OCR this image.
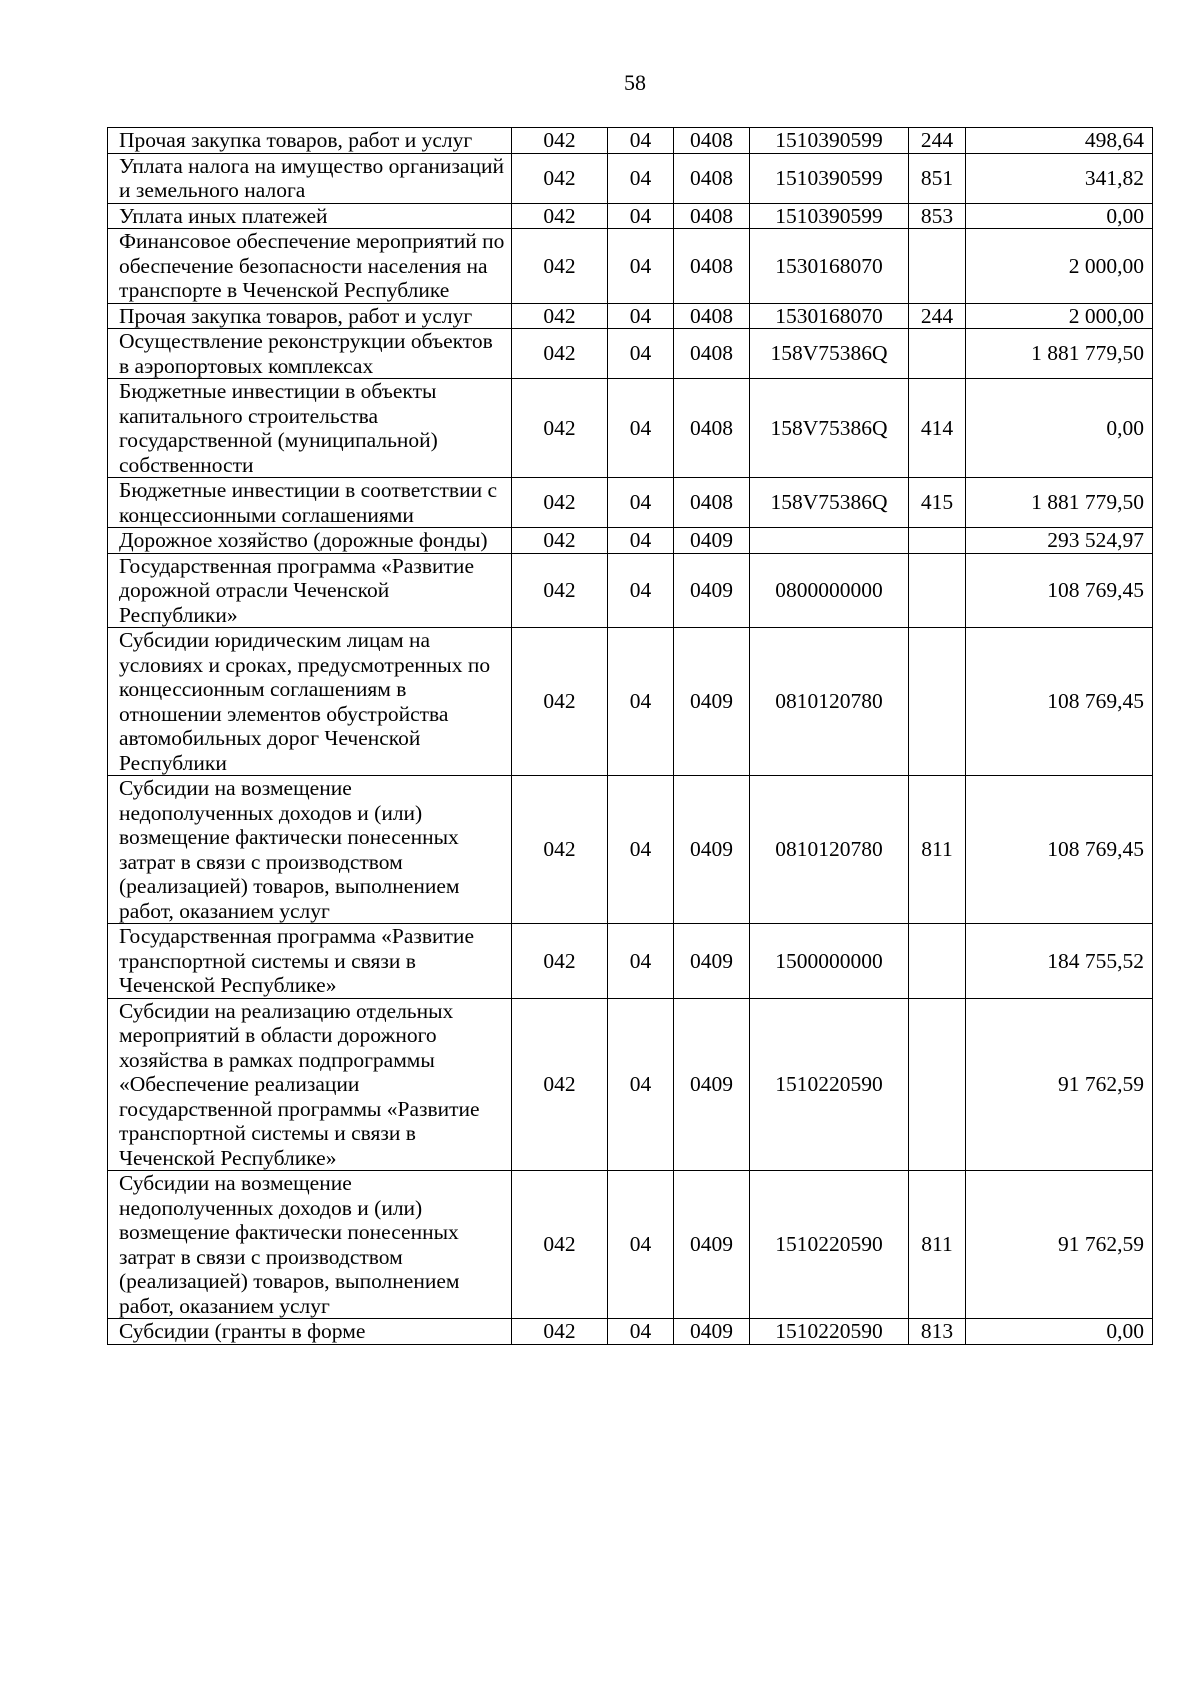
58
Прочая закупка товаров, работ и услуг	042	04	0408	1510390599	244	498,64
Уплата налога на имущество организаций и земельного налога	042	04	0408	1510390599	851	341,82
Уплата иных платежей	042	04	0408	1510390599	853	0,00
Финансовое обеспечение мероприятий по обеспечение безопасности населения на транспорте в Чеченской Республике	042	04	0408	1530168070		2 000,00
Прочая закупка товаров, работ и услуг	042	04	0408	1530168070	244	2 000,00
Осуществление реконструкции объектов в аэропортовых комплексах	042	04	0408	158V75386Q		1 881 779,50
Бюджетные инвестиции в объекты капитального строительства государственной (муниципальной) собственности	042	04	0408	158V75386Q	414	0,00
Бюджетные инвестиции в соответствии с концессионными соглашениями	042	04	0408	158V75386Q	415	1 881 779,50
Дорожное хозяйство (дорожные фонды)	042	04	0409			293 524,97
Государственная программа «Развитие дорожной отрасли Чеченской Республики»	042	04	0409	0800000000		108 769,45
Субсидии юридическим лицам на условиях и сроках, предусмотренных по концессионным соглашениям в отношении элементов обустройства автомобильных дорог Чеченской Республики	042	04	0409	0810120780		108 769,45
Субсидии на возмещение недополученных доходов и (или) возмещение фактически понесенных затрат в связи с производством (реализацией) товаров, выполнением работ, оказанием услуг	042	04	0409	0810120780	811	108 769,45
Государственная программа «Развитие транспортной системы и связи в Чеченской Республике»	042	04	0409	1500000000		184 755,52
Субсидии на реализацию отдельных мероприятий в области дорожного хозяйства в рамках подпрограммы «Обеспечение реализации государственной программы «Развитие транспортной системы и связи в Чеченской Республике»	042	04	0409	1510220590		91 762,59
Субсидии на возмещение недополученных доходов и (или) возмещение фактически понесенных затрат в связи с производством (реализацией) товаров, выполнением работ, оказанием услуг	042	04	0409	1510220590	811	91 762,59
Субсидии (гранты в форме	042	04	0409	1510220590	813	0,00
